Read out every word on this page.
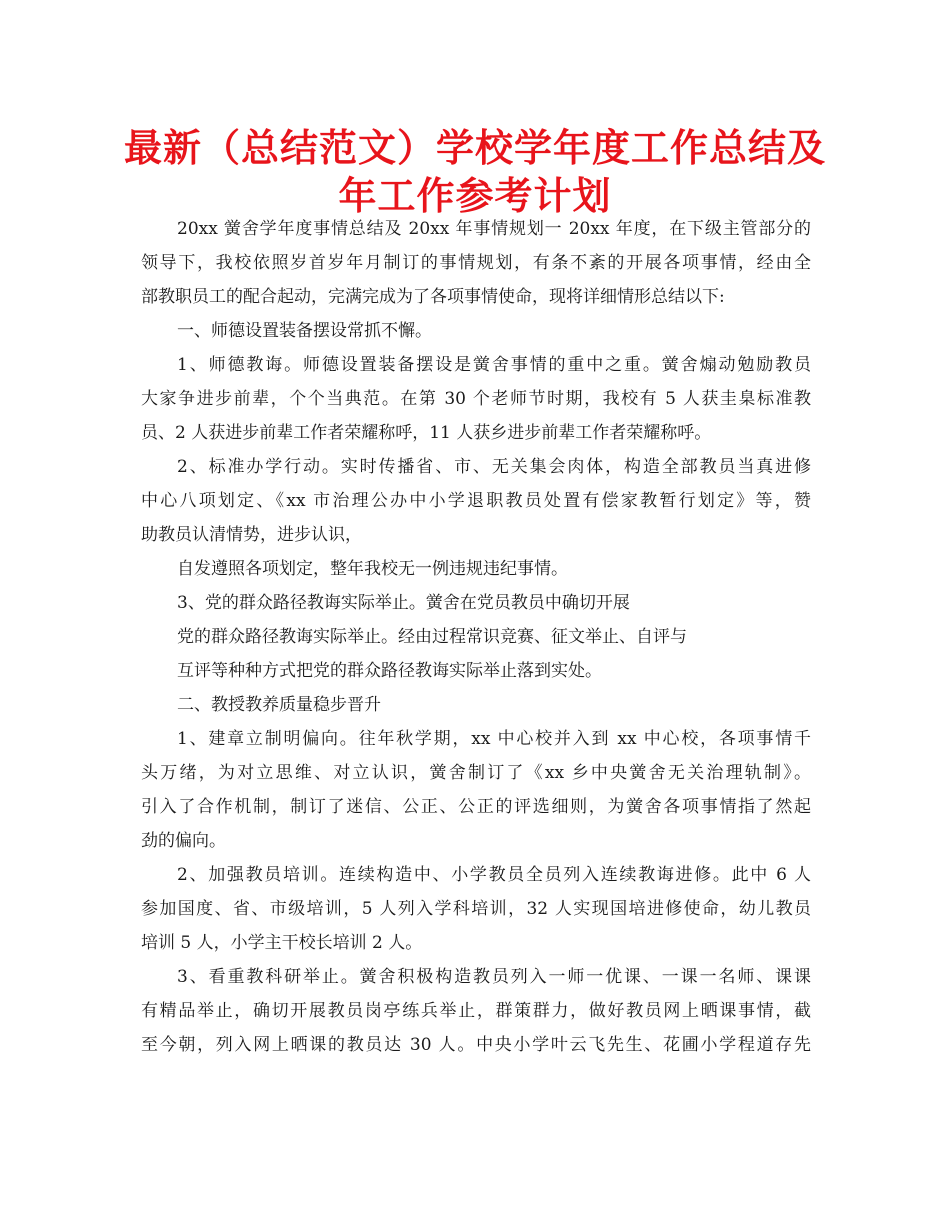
最新（总结范文）学校学年度工作总结及
年工作参考计划
20xx 黉舍学年度事情总结及 20xx 年事情规划一 20xx 年度，在下级主管部分的
领导下，我校依照岁首岁年月制订的事情规划，有条不紊的开展各项事情，经由全
部教职员工的配合起动，完满完成为了各项事情使命，现将详细情形总结以下:
一、师德设置装备摆设常抓不懈。
1、师德教诲。师德设置装备摆设是黉舍事情的重中之重。黉舍煽动勉励教员
大家争进步前辈，个个当典范。在第 30 个老师节时期，我校有 5 人获圭臬标准教
员、2 人获进步前辈工作者荣耀称呼，11 人获乡进步前辈工作者荣耀称呼。
2、标准办学行动。实时传播省、市、无关集会肉体，构造全部教员当真进修
中心八项划定、《xx 市治理公办中小学退职教员处置有偿家教暂行划定》等，赞
助教员认清情势，进步认识，
自发遵照各项划定，整年我校无一例违规违纪事情。
3、党的群众路径教诲实际举止。黉舍在党员教员中确切开展
党的群众路径教诲实际举止。经由过程常识竞赛、征文举止、自评与
互评等种种方式把党的群众路径教诲实际举止落到实处。
二、教授教养质量稳步晋升
1、建章立制明偏向。往年秋学期，xx 中心校并入到 xx 中心校，各项事情千
头万绪，为对立思维、对立认识，黉舍制订了《xx 乡中央黉舍无关治理轨制》。
引入了合作机制，制订了迷信、公正、公正的评选细则，为黉舍各项事情指了然起
劲的偏向。
2、加强教员培训。连续构造中、小学教员全员列入连续教诲进修。此中 6 人
参加国度、省、市级培训，5 人列入学科培训，32 人实现国培进修使命，幼儿教员
培训 5 人，小学主干校长培训 2 人。
3、看重教科研举止。黉舍积极构造教员列入一师一优课、一课一名师、课课
有精品举止，确切开展教员岗亭练兵举止，群策群力，做好教员网上晒课事情，截
至今朝，列入网上晒课的教员达 30 人。中央小学叶云飞先生、花圃小学程道存先
